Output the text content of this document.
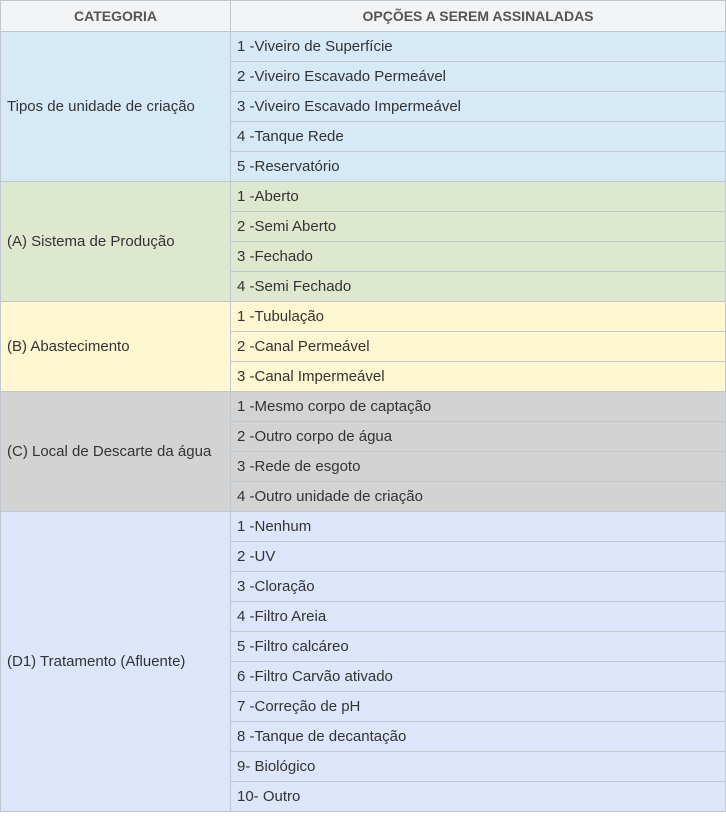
CATEGORIA	OPÇÕES A SEREM ASSINALADAS
Tipos de unidade de criação	1 -Viveiro de Superfície
	2 -Viveiro Escavado Permeável
	3 -Viveiro Escavado Impermeável
	4 -Tanque Rede
	5 -Reservatório
(A) Sistema de Produção	1 -Aberto
	2 -Semi Aberto
	3 -Fechado
	4 -Semi Fechado
(B) Abastecimento	1 -Tubulação
	2 -Canal Permeável
	3 -Canal Impermeável
(C) Local de Descarte da água	1 -Mesmo corpo de captação
	2 -Outro corpo de água
	3 -Rede de esgoto
	4 -Outro unidade de criação
(D1) Tratamento (Afluente)	1 -Nenhum
	2 -UV
	3 -Cloração
	4 -Filtro Areia
	5 -Filtro calcáreo
	6 -Filtro Carvão ativado
	7 -Correção de pH
	8 -Tanque de decantação
	9- Biológico
	10- Outro
